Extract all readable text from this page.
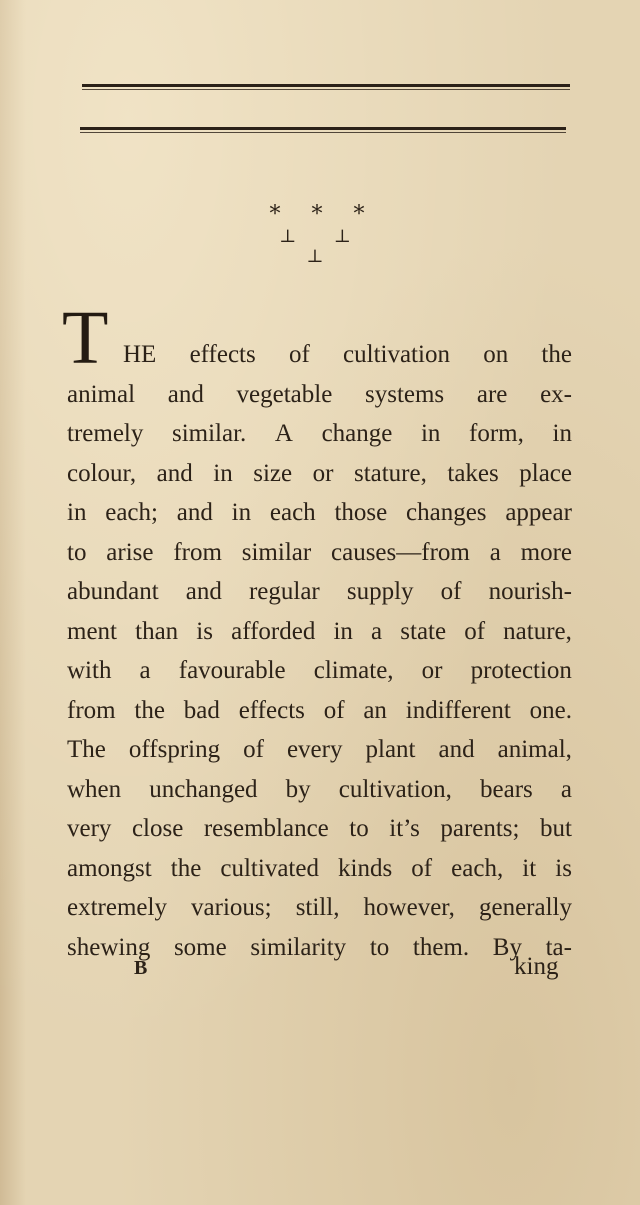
* * *
⊥ ⊥ ⊥
T HE effects of cultivation on the
animal and vegetable systems are ex-
tremely similar. A change in form, in
colour, and in size or stature, takes place
in each; and in each those changes appear
to arise from similar causes—from a more
abundant and regular supply of nourish-
ment than is afforded in a state of nature,
with a favourable climate, or protection
from the bad effects of an indifferent one.
The offspring of every plant and animal,
when unchanged by cultivation, bears a
very close resemblance to it’s parents; but
amongst the cultivated kinds of each, it is
extremely various; still, however, generally
shewing some similarity to them. By ta-
B	king
